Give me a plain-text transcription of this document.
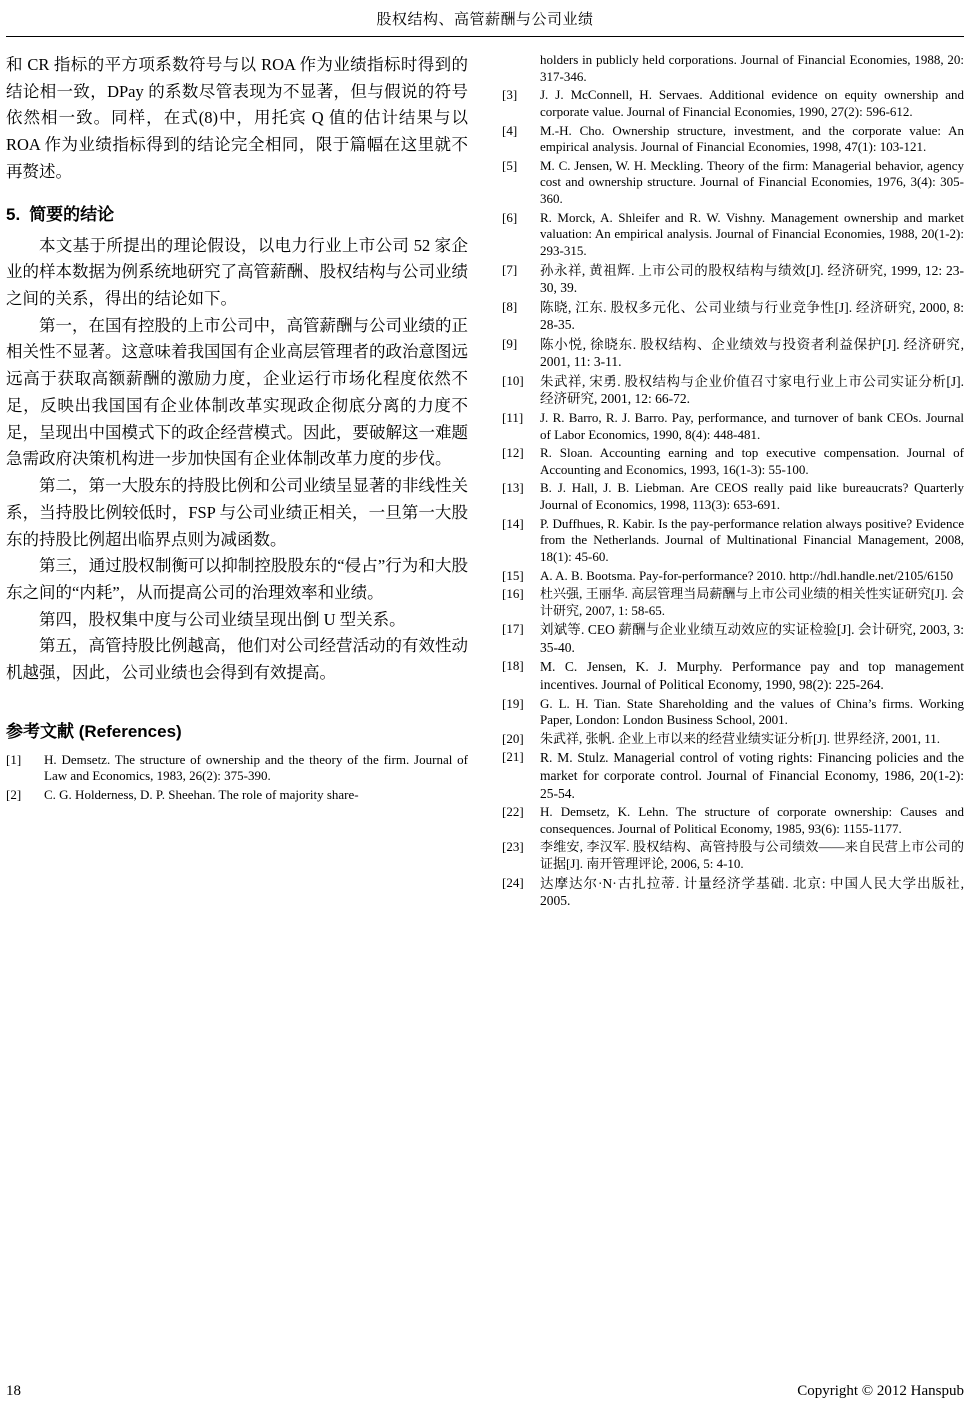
股权结构、高管薪酬与公司业绩

和 CR 指标的平方项系数符号与以 ROA 作为业绩指标时得到的结论相一致，DPay 的系数尽管表现为不显著，但与假说的符号依然相一致。同样，在式(8)中，用托宾 Q 值的估计结果与以 ROA 作为业绩指标得到的结论完全相同，限于篇幅在这里就不再赘述。

5. 简要的结论

本文基于所提出的理论假设，以电力行业上市公司 52 家企业的样本数据为例系统地研究了高管薪酬、股权结构与公司业绩之间的关系，得出的结论如下。

第一，在国有控股的上市公司中，高管薪酬与公司业绩的正相关性不显著。这意味着我国国有企业高层管理者的政治意图远远高于获取高额薪酬的激励力度，企业运行市场化程度依然不足，反映出我国国有企业体制改革实现政企彻底分离的力度不足，呈现出中国模式下的政企经营模式。因此，要破解这一难题急需政府决策机构进一步加快国有企业体制改革力度的步伐。

第二，第一大股东的持股比例和公司业绩呈显著的非线性关系，当持股比例较低时，FSP 与公司业绩正相关，一旦第一大股东的持股比例超出临界点则为减函数。

第三，通过股权制衡可以抑制控股股东的“侵占”行为和大股东之间的“内耗”，从而提高公司的治理效率和业绩。

第四，股权集中度与公司业绩呈现出倒 U 型关系。

第五，高管持股比例越高，他们对公司经营活动的有效性动机越强，因此，公司业绩也会得到有效提高。

参考文献 (References)
[1]	H. Demsetz. The structure of ownership and the theory of the firm. Journal of Law and Economics, 1983, 26(2): 375-390.
[2]	C. G. Holderness, D. P. Sheehan. The role of majority share-
holders in publicly held corporations. Journal of Financial Economies, 1988, 20: 317-346.
[3]	J. J. McConnell, H. Servaes. Additional evidence on equity ownership and corporate value. Journal of Financial Economies, 1990, 27(2): 596-612.
[4]	M.-H. Cho. Ownership structure, investment, and the corporate value: An empirical analysis. Journal of Financial Economies, 1998, 47(1): 103-121.
[5]	M. C. Jensen, W. H. Meckling. Theory of the firm: Managerial behavior, agency cost and ownership structure. Journal of Financial Economies, 1976, 3(4): 305-360.
[6]	R. Morck, A. Shleifer and R. W. Vishny. Management ownership and market valuation: An empirical analysis. Journal of Financial Economies, 1988, 20(1-2): 293-315.
[7]	孙永祥, 黄祖辉. 上市公司的股权结构与绩效[J]. 经济研究, 1999, 12: 23-30, 39.
[8]	陈晓, 江东. 股权多元化、公司业绩与行业竞争性[J]. 经济研究, 2000, 8: 28-35.
[9]	陈小悦, 徐晓东. 股权结构、企业绩效与投资者利益保护[J]. 经济研究, 2001, 11: 3-11.
[10]	朱武祥, 宋勇. 股权结构与企业价值召寸家电行业上市公司实证分析[J]. 经济研究, 2001, 12: 66-72.
[11]	J. R. Barro, R. J. Barro. Pay, performance, and turnover of bank CEOs. Journal of Labor Economics, 1990, 8(4): 448-481.
[12]	R. Sloan. Accounting earning and top executive compensation. Journal of Accounting and Economics, 1993, 16(1-3): 55-100.
[13]	B. J. Hall, J. B. Liebman. Are CEOS really paid like bureaucrats? Quarterly Journal of Economics, 1998, 113(3): 653-691.
[14]	P. Duffhues, R. Kabir. Is the pay-performance relation always positive? Evidence from the Netherlands. Journal of Multinational Financial Management, 2008, 18(1): 45-60.
[15]	A. A. B. Bootsma. Pay-for-performance? 2010. http://hdl.handle.net/2105/6150
[16]	杜兴强, 王丽华. 高层管理当局薪酬与上市公司业绩的相关性实证研究[J]. 会计研究, 2007, 1: 58-65.
[17]	刘斌等. CEO 薪酬与企业业绩互动效应的实证检验[J]. 会计研究, 2003, 3: 35-40.
[18]	M. C. Jensen, K. J. Murphy. Performance pay and top management incentives. Journal of Political Economy, 1990, 98(2): 225-264.
[19]	G. L. H. Tian. State Shareholding and the values of China’s firms. Working Paper, London: London Business School, 2001.
[20]	朱武祥, 张帆. 企业上市以来的经营业绩实证分析[J]. 世界经济, 2001, 11.
[21]	R. M. Stulz. Managerial control of voting rights: Financing policies and the market for corporate control. Journal of Financial Economy, 1986, 20(1-2): 25-54.
[22]	H. Demsetz, K. Lehn. The structure of corporate ownership: Causes and consequences. Journal of Political Economy, 1985, 93(6): 1155-1177.
[23]	李维安, 李汉军. 股权结构、高管持股与公司绩效——来自民营上市公司的证据[J]. 南开管理评论, 2006, 5: 4-10.
[24]	达摩达尔·N·古扎拉蒂. 计量经济学基础. 北京: 中国人民大学出版社, 2005.
18	Copyright © 2012 Hanspub
